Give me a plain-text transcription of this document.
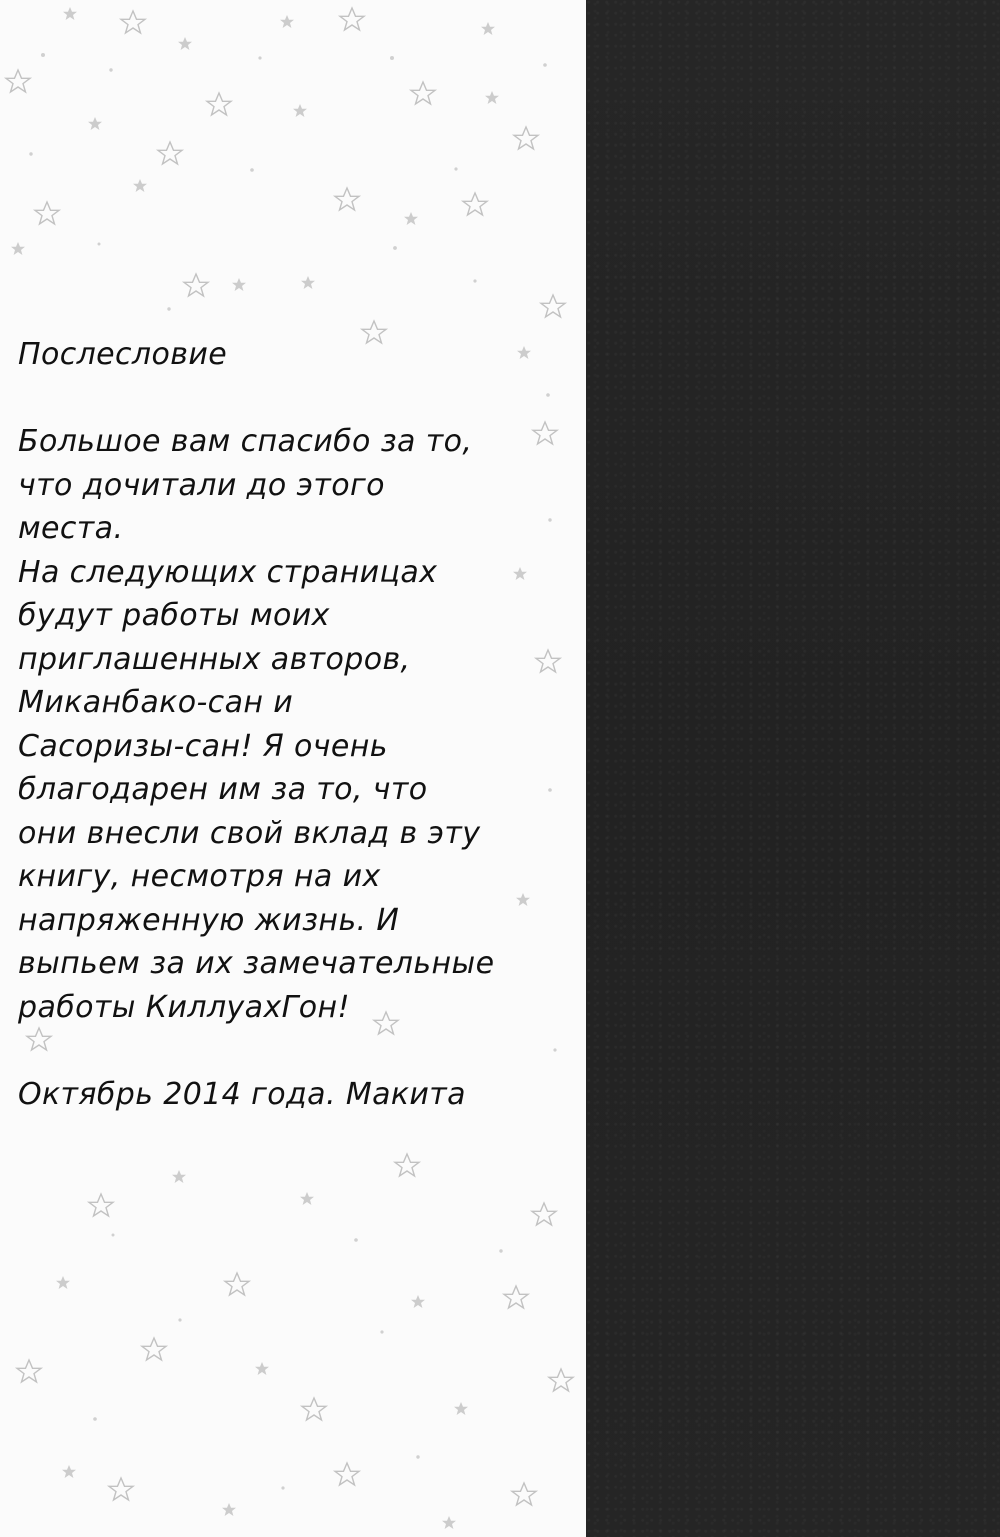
Послесловие
Большое вам спасибо за то,
что дочитали до этого
места.
На следующих страницах
будут работы моих
приглашенных авторов,
Миканбако-сан и
Сасоризы-сан! Я очень
благодарен им за то, что
они внесли свой вклад в эту
книгу, несмотря на их
напряженную жизнь. И
выпьем за их замечательные
работы КиллуахГон!
Октябрь 2014 года. Макита
